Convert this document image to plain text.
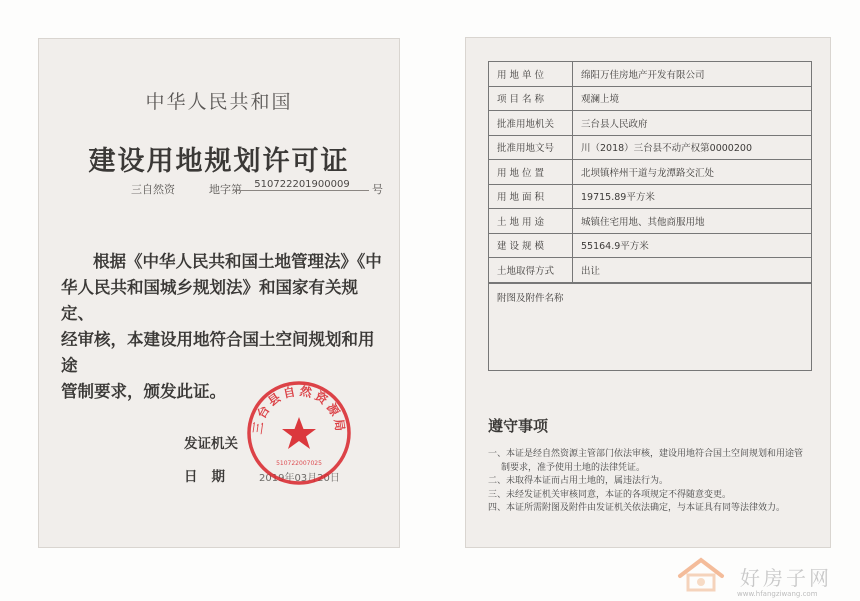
中华人民共和国
建设用地规划许可证
三自然资	地字第	510722201900009	号
根据《中华人民共和国土地管理法》《中
华人民共和国城乡规划法》和国家有关规定、
经审核，本建设用地符合国土空间规划和用途
管制要求，颁发此证。
发证机关
日期 2019年03月20日
三台县自然资源局
510722007025
用 地 单 位	绵阳万佳房地产开发有限公司
项 目 名 称	观澜上境
批准用地机关	三台县人民政府
批准用地文号	川（2018）三台县不动产权第0000200
用 地 位 置	北坝镇梓州干道与龙潭路交汇处
用 地 面 积	19715.89平方米
土 地 用 途	城镇住宅用地、其他商服用地
建 设 规 模	55164.9平方米
土地取得方式	出让
附图及附件名称
遵守事项
一、本证是经自然资源主管部门依法审核，建设用地符合国土空间规划和用途管制要求，准予使用土地的法律凭证。
二、未取得本证而占用土地的，属违法行为。
三、未经发证机关审核同意，本证的各项规定不得随意变更。
四、本证所需附图及附件由发证机关依法确定，与本证具有同等法律效力。
好房子网
www.hfangziwang.com
